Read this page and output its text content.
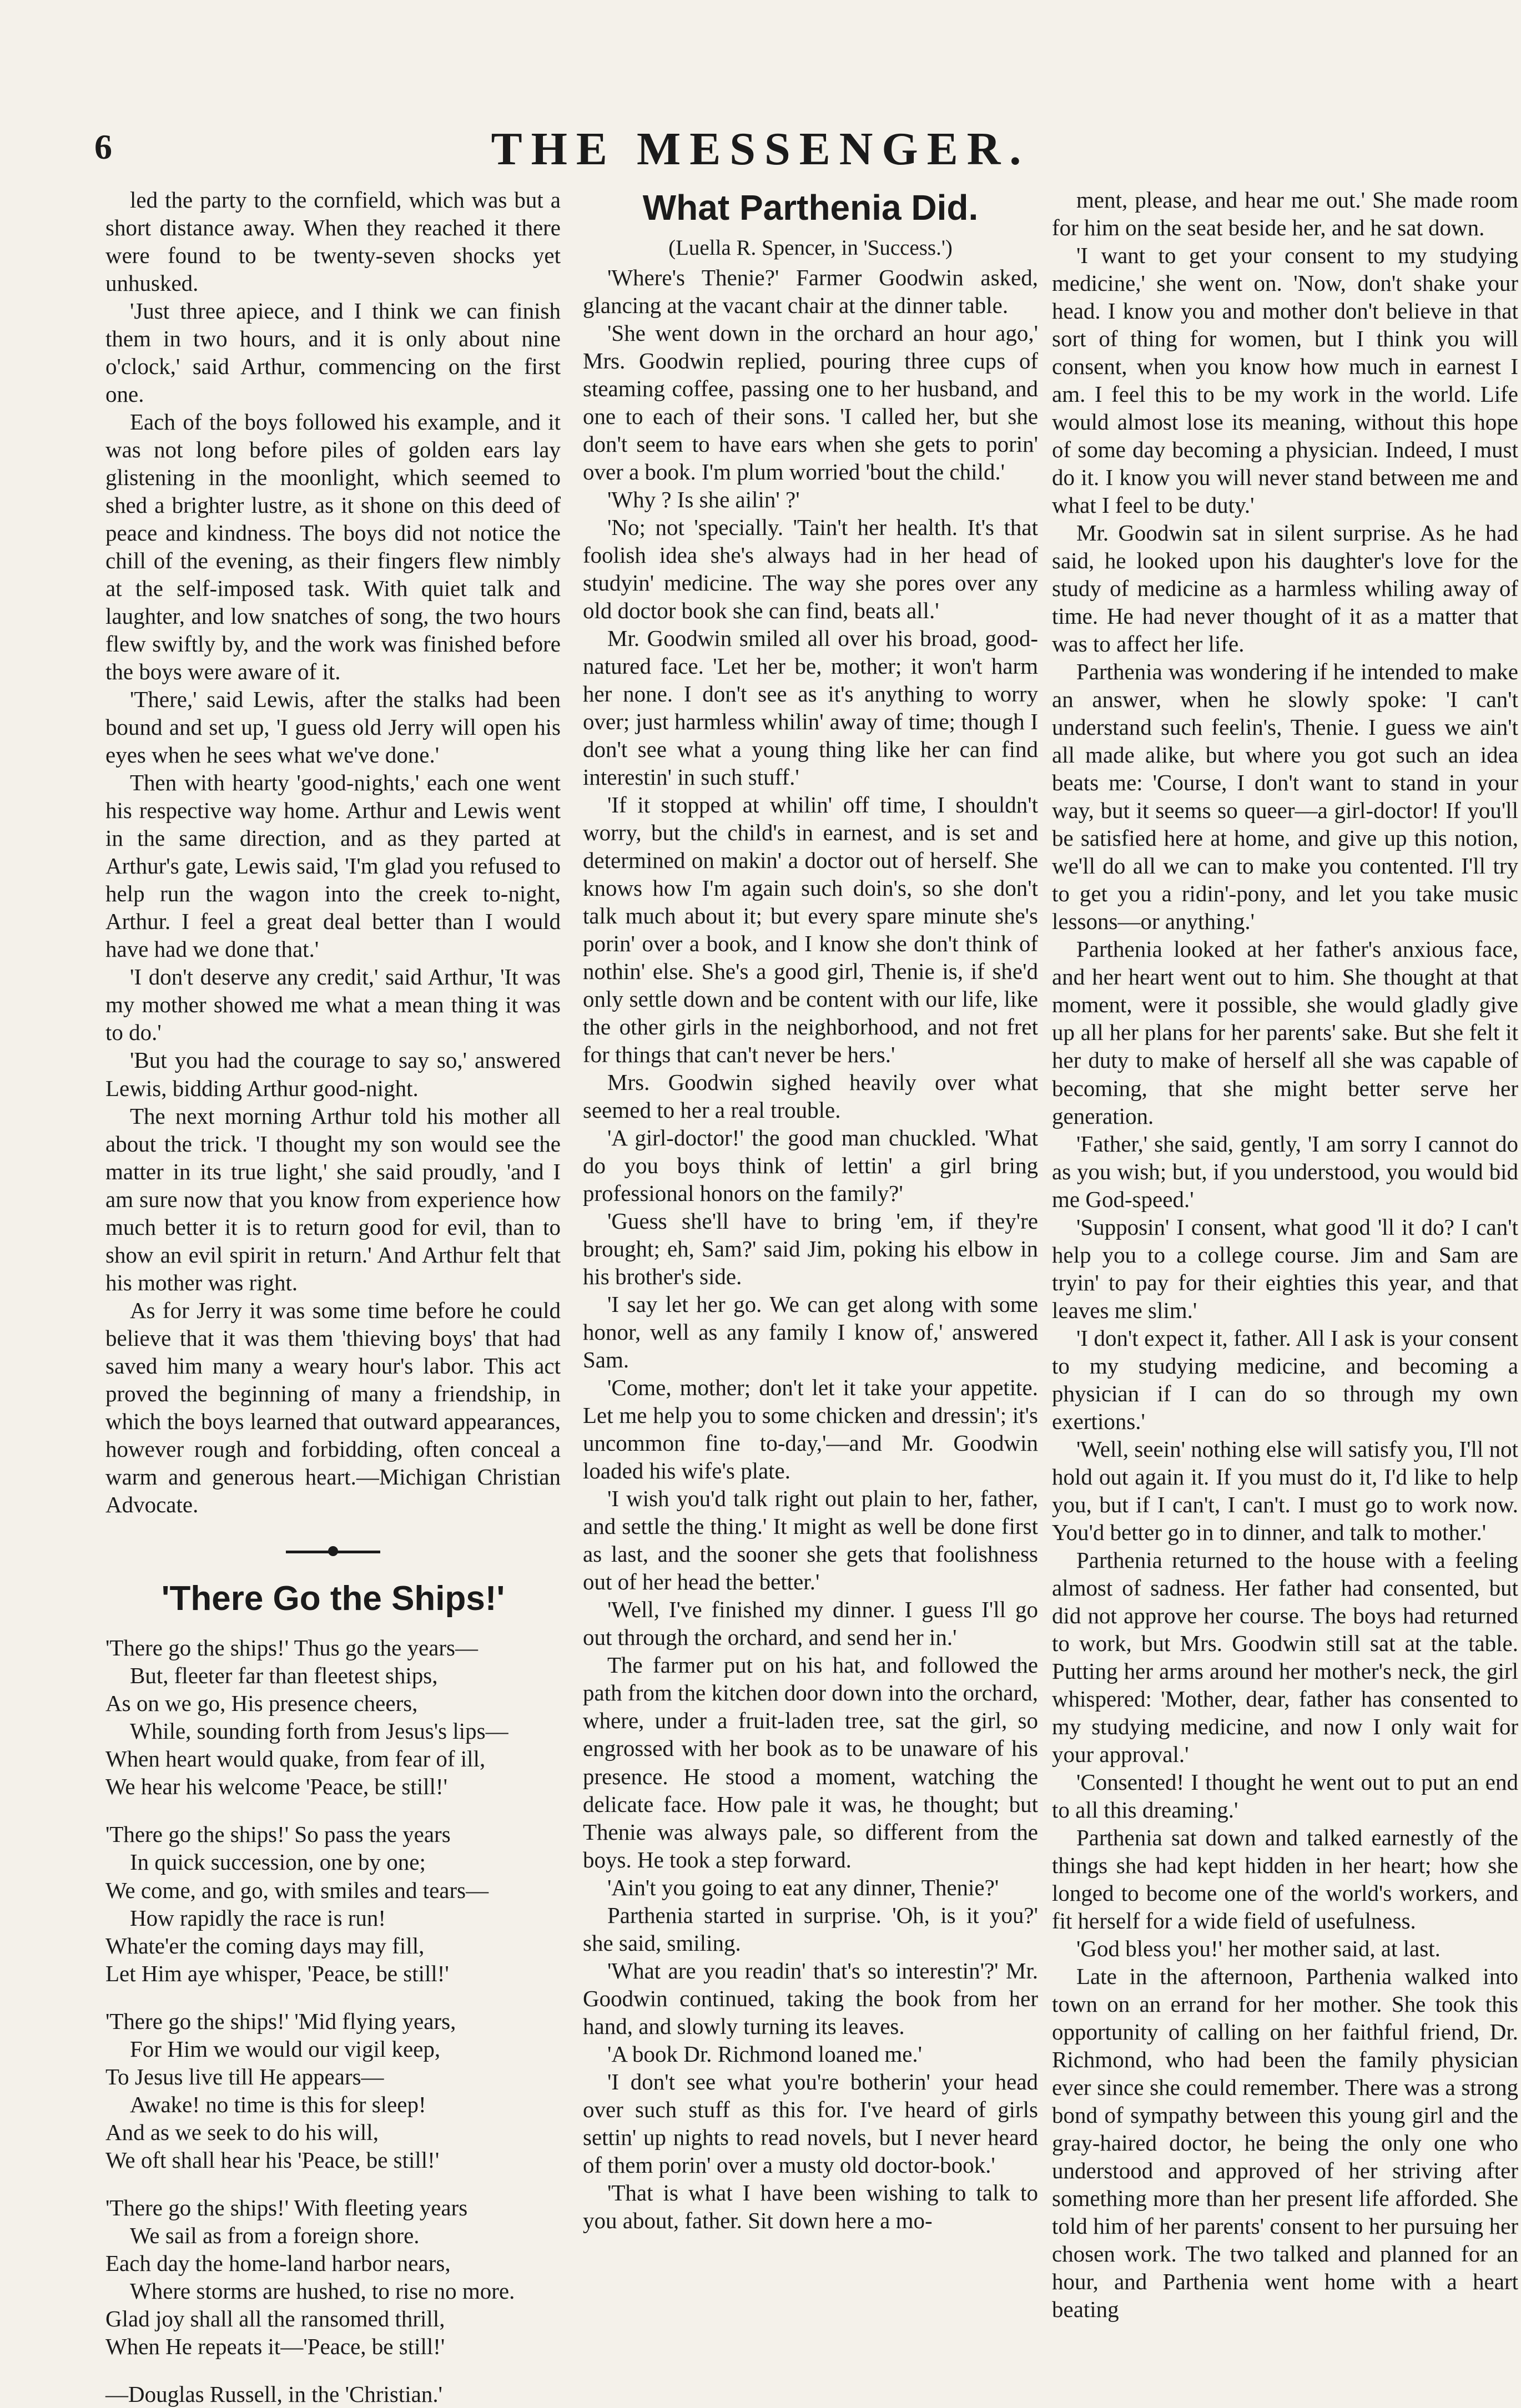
6	THE MESSENGER.

led the party to the cornfield, which was but a short distance away. When they reached it there were found to be twenty-seven shocks yet unhusked.

'Just three apiece, and I think we can finish them in two hours, and it is only about nine o'clock,' said Arthur, commencing on the first one.

Each of the boys followed his example, and it was not long before piles of golden ears lay glistening in the moonlight, which seemed to shed a brighter lustre, as it shone on this deed of peace and kindness. The boys did not notice the chill of the evening, as their fingers flew nimbly at the self-imposed task. With quiet talk and laughter, and low snatches of song, the two hours flew swiftly by, and the work was finished before the boys were aware of it.

'There,' said Lewis, after the stalks had been bound and set up, 'I guess old Jerry will open his eyes when he sees what we've done.'

Then with hearty 'good-nights,' each one went his respective way home. Arthur and Lewis went in the same direction, and as they parted at Arthur's gate, Lewis said, 'I'm glad you refused to help run the wagon into the creek to-night, Arthur. I feel a great deal better than I would have had we done that.'

'I don't deserve any credit,' said Arthur, 'It was my mother showed me what a mean thing it was to do.'

'But you had the courage to say so,' answered Lewis, bidding Arthur good-night.

The next morning Arthur told his mother all about the trick. 'I thought my son would see the matter in its true light,' she said proudly, 'and I am sure now that you know from experience how much better it is to return good for evil, than to show an evil spirit in return.' And Arthur felt that his mother was right.

As for Jerry it was some time before he could believe that it was them 'thieving boys' that had saved him many a weary hour's labor. This act proved the beginning of many a friendship, in which the boys learned that outward appearances, however rough and forbidding, often conceal a warm and generous heart.—Michigan Christian Advocate.

'There Go the Ships!'

'There go the ships!' Thus go the years—

But, fleeter far than fleetest ships,

As on we go, His presence cheers,

While, sounding forth from Jesus's lips—

When heart would quake, from fear of ill,

We hear his welcome 'Peace, be still!'

'There go the ships!' So pass the years

In quick succession, one by one;

We come, and go, with smiles and tears—

How rapidly the race is run!

Whate'er the coming days may fill,

Let Him aye whisper, 'Peace, be still!'

'There go the ships!' 'Mid flying years,

For Him we would our vigil keep,

To Jesus live till He appears—

Awake! no time is this for sleep!

And as we seek to do his will,

We oft shall hear his 'Peace, be still!'

'There go the ships!' With fleeting years

We sail as from a foreign shore.

Each day the home-land harbor nears,

Where storms are hushed, to rise no more.

Glad joy shall all the ransomed thrill,

When He repeats it—'Peace, be still!'

—Douglas Russell, in the 'Christian.'

What Parthenia Did.

(Luella R. Spencer, in 'Success.')

'Where's Thenie?' Farmer Goodwin asked, glancing at the vacant chair at the dinner table.

'She went down in the orchard an hour ago,' Mrs. Goodwin replied, pouring three cups of steaming coffee, passing one to her husband, and one to each of their sons. 'I called her, but she don't seem to have ears when she gets to porin' over a book. I'm plum worried 'bout the child.'

'Why ? Is she ailin' ?'

'No; not 'specially. 'Tain't her health. It's that foolish idea she's always had in her head of studyin' medicine. The way she pores over any old doctor book she can find, beats all.'

Mr. Goodwin smiled all over his broad, good-natured face. 'Let her be, mother; it won't harm her none. I don't see as it's anything to worry over; just harmless whilin' away of time; though I don't see what a young thing like her can find interestin' in such stuff.'

'If it stopped at whilin' off time, I shouldn't worry, but the child's in earnest, and is set and determined on makin' a doctor out of herself. She knows how I'm again such doin's, so she don't talk much about it; but every spare minute she's porin' over a book, and I know she don't think of nothin' else. She's a good girl, Thenie is, if she'd only settle down and be content with our life, like the other girls in the neighborhood, and not fret for things that can't never be hers.'

Mrs. Goodwin sighed heavily over what seemed to her a real trouble.

'A girl-doctor!' the good man chuckled. 'What do you boys think of lettin' a girl bring professional honors on the family?'

'Guess she'll have to bring 'em, if they're brought; eh, Sam?' said Jim, poking his elbow in his brother's side.

'I say let her go. We can get along with some honor, well as any family I know of,' answered Sam.

'Come, mother; don't let it take your appetite. Let me help you to some chicken and dressin'; it's uncommon fine to-day,'—and Mr. Goodwin loaded his wife's plate.

'I wish you'd talk right out plain to her, father, and settle the thing.' It might as well be done first as last, and the sooner she gets that foolishness out of her head the better.'

'Well, I've finished my dinner. I guess I'll go out through the orchard, and send her in.'

The farmer put on his hat, and followed the path from the kitchen door down into the orchard, where, under a fruit-laden tree, sat the girl, so engrossed with her book as to be unaware of his presence. He stood a moment, watching the delicate face. How pale it was, he thought; but Thenie was always pale, so different from the boys. He took a step forward.

'Ain't you going to eat any dinner, Thenie?'

Parthenia started in surprise. 'Oh, is it you?' she said, smiling.

'What are you readin' that's so interestin'?' Mr. Goodwin continued, taking the book from her hand, and slowly turning its leaves.

'A book Dr. Richmond loaned me.'

'I don't see what you're botherin' your head over such stuff as this for. I've heard of girls settin' up nights to read novels, but I never heard of them porin' over a musty old doctor-book.'

'That is what I have been wishing to talk to you about, father. Sit down here a mo-

ment, please, and hear me out.' She made room for him on the seat beside her, and he sat down.

'I want to get your consent to my studying medicine,' she went on. 'Now, don't shake your head. I know you and mother don't believe in that sort of thing for women, but I think you will consent, when you know how much in earnest I am. I feel this to be my work in the world. Life would almost lose its meaning, without this hope of some day becoming a physician. Indeed, I must do it. I know you will never stand between me and what I feel to be duty.'

Mr. Goodwin sat in silent surprise. As he had said, he looked upon his daughter's love for the study of medicine as a harmless whiling away of time. He had never thought of it as a matter that was to affect her life.

Parthenia was wondering if he intended to make an answer, when he slowly spoke: 'I can't understand such feelin's, Thenie. I guess we ain't all made alike, but where you got such an idea beats me: 'Course, I don't want to stand in your way, but it seems so queer—a girl-doctor! If you'll be satisfied here at home, and give up this notion, we'll do all we can to make you contented. I'll try to get you a ridin'-pony, and let you take music lessons—or anything.'

Parthenia looked at her father's anxious face, and her heart went out to him. She thought at that moment, were it possible, she would gladly give up all her plans for her parents' sake. But she felt it her duty to make of herself all she was capable of becoming, that she might better serve her generation.

'Father,' she said, gently, 'I am sorry I cannot do as you wish; but, if you understood, you would bid me God-speed.'

'Supposin' I consent, what good 'll it do? I can't help you to a college course. Jim and Sam are tryin' to pay for their eighties this year, and that leaves me slim.'

'I don't expect it, father. All I ask is your consent to my studying medicine, and becoming a physician if I can do so through my own exertions.'

'Well, seein' nothing else will satisfy you, I'll not hold out again it. If you must do it, I'd like to help you, but if I can't, I can't. I must go to work now. You'd better go in to dinner, and talk to mother.'

Parthenia returned to the house with a feeling almost of sadness. Her father had consented, but did not approve her course. The boys had returned to work, but Mrs. Goodwin still sat at the table. Putting her arms around her mother's neck, the girl whispered: 'Mother, dear, father has consented to my studying medicine, and now I only wait for your approval.'

'Consented! I thought he went out to put an end to all this dreaming.'

Parthenia sat down and talked earnestly of the things she had kept hidden in her heart; how she longed to become one of the world's workers, and fit herself for a wide field of usefulness.

'God bless you!' her mother said, at last.

Late in the afternoon, Parthenia walked into town on an errand for her mother. She took this opportunity of calling on her faithful friend, Dr. Richmond, who had been the family physician ever since she could remember. There was a strong bond of sympathy between this young girl and the gray-haired doctor, he being the only one who understood and approved of her striving after something more than her present life afforded. She told him of her parents' consent to her pursuing her chosen work. The two talked and planned for an hour, and Parthenia went home with a heart beating
